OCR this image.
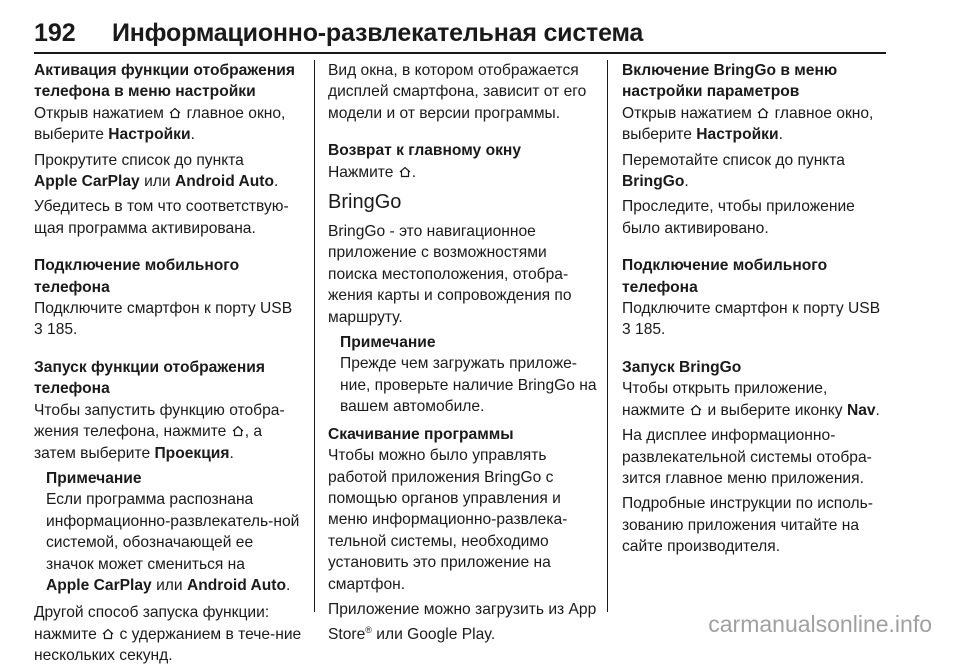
192	Информационно-развлекательная система

Активация функции отображения телефона в меню настройки

Открыв нажатием главное окно, выберите Настройки.

Прокрутите список до пункта
Apple CarPlay или Android Auto.

Убедитесь в том что соответствую-щая программа активирована.

Подключение мобильного телефона

Подключите смартфон к порту USB
3 185.

Запуск функции отображения телефона

Чтобы запустить функцию отобра-жения телефона, нажмите , а затем выберите Проекция.

Примечание

Если программа распознана информационно-развлекатель-ной системой, обозначающей ее значок может смениться на
Apple CarPlay или Android Auto.

Другой способ запуска функции: нажмите с удержанием в тече-ние нескольких секунд.

Вид окна, в котором отображается дисплей смартфона, зависит от его модели и от версии программы.

Возврат к главному окну

Нажмите .

BringGo

BringGo - это навигационное приложение с возможностями поиска местоположения, отобра-жения карты и сопровождения по маршруту.

Примечание

Прежде чем загружать приложе-ние, проверьте наличие BringGo на вашем автомобиле.

Скачивание программы

Чтобы можно было управлять работой приложения BringGo с помощью органов управления и меню информационно-развлека-тельной системы, необходимо установить это приложение на смартфон.

Приложение можно загрузить из App Store® или Google Play.

Включение BringGo в меню настройки параметров

Открыв нажатием главное окно, выберите Настройки.

Перемотайте список до пункта
BringGo.

Проследите, чтобы приложение было активировано.

Подключение мобильного телефона

Подключите смартфон к порту USB
3 185.

Запуск BringGo

Чтобы открыть приложение, нажмите и выберите иконку Nav.

На дисплее информационно-развлекательной системы отобра-зится главное меню приложения.

Подробные инструкции по исполь-зованию приложения читайте на сайте производителя.

carmanualsonline.info
